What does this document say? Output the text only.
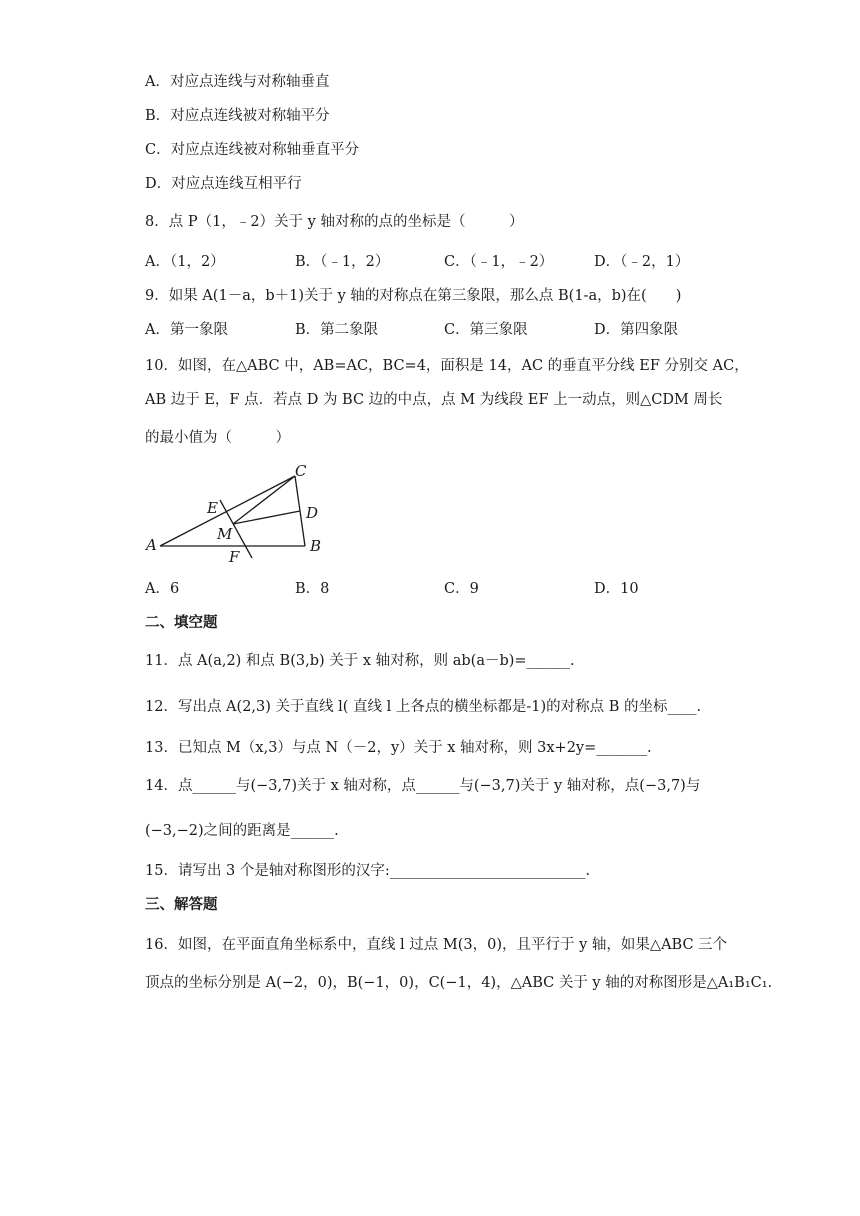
A．对应点连线与对称轴垂直
B．对应点连线被对称轴平分
C．对应点连线被对称轴垂直平分
D．对应点连线互相平行
8．点 P（1，﹣2）关于 y 轴对称的点的坐标是（　　　）
A．（1，2）	B．（﹣1，2）	C．（﹣1，﹣2）	D．（﹣2，1）
9．如果 A(1－a，b＋1)关于 y 轴的对称点在第三象限，那么点 B(1-a，b)在(　　)
A．第一象限	B．第二象限	C．第三象限	D．第四象限
10．如图，在△ABC 中，AB=AC，BC=4，面积是 14，AC 的垂直平分线 EF 分别交 AC，
AB 边于 E，F 点．若点 D 为 BC 边的中点，点 M 为线段 EF 上一动点，则△CDM 周长
的最小值为（　　　）
A	B
C
D
E
F
M
A．6	B．8	C．9	D．10
二、填空题
11．点 A(a,2) 和点 B(3,b) 关于 x 轴对称，则 ab(a－b)=______.
12．写出点 A(2,3) 关于直线 l( 直线 l 上各点的横坐标都是-1)的对称点 B 的坐标____.
13．已知点 M（x,3）与点 N（－2，y）关于 x 轴对称，则 3x+2y=_______.
14．点______与(−3,7)关于 x 轴对称，点______与(−3,7)关于 y 轴对称，点(−3,7)与
(−3,−2)之间的距离是______.
15．请写出 3 个是轴对称图形的汉字:___________________________.
三、解答题
16．如图，在平面直角坐标系中，直线 l 过点 M(3，0)，且平行于 y 轴，如果△ABC 三个
顶点的坐标分别是 A(−2，0)，B(−1，0)，C(−1，4)，△ABC 关于 y 轴的对称图形是△A₁B₁C₁.
